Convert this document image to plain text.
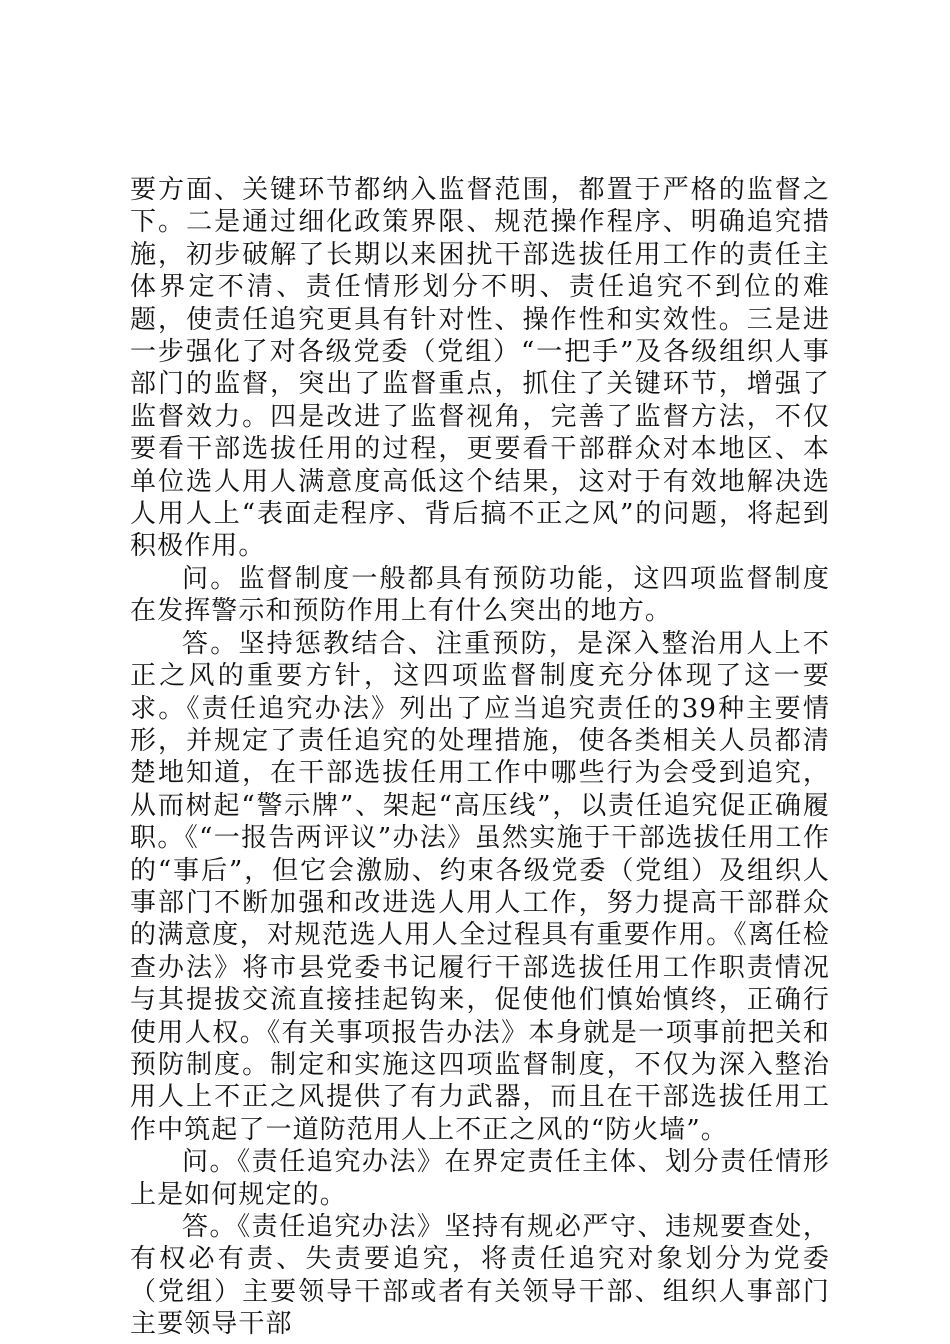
要方面、关键环节都纳入监督范围，都置于严格的监督之下。二是通过细化政策界限、规范操作程序、明确追究措施，初步破解了长期以来困扰干部选拔任用工作的责任主体界定不清、责任情形划分不明、责任追究不到位的难题，使责任追究更具有针对性、操作性和实效性。三是进一步强化了对各级党委（党组）“一把手”及各级组织人事部门的监督，突出了监督重点，抓住了关键环节，增强了监督效力。四是改进了监督视角，完善了监督方法，不仅要看干部选拔任用的过程，更要看干部群众对本地区、本单位选人用人满意度高低这个结果，这对于有效地解决选人用人上“表面走程序、背后搞不正之风”的问题，将起到积极作用。

问。监督制度一般都具有预防功能，这四项监督制度在发挥警示和预防作用上有什么突出的地方。

答。坚持惩教结合、注重预防，是深入整治用人上不正之风的重要方针，这四项监督制度充分体现了这一要求。《责任追究办法》列出了应当追究责任的39种主要情形，并规定了责任追究的处理措施，使各类相关人员都清楚地知道，在干部选拔任用工作中哪些行为会受到追究，从而树起“警示牌”、架起“高压线”，以责任追究促正确履职。《“一报告两评议”办法》虽然实施于干部选拔任用工作的“事后”，但它会激励、约束各级党委（党组）及组织人事部门不断加强和改进选人用人工作，努力提高干部群众的满意度，对规范选人用人全过程具有重要作用。《离任检查办法》将市县党委书记履行干部选拔任用工作职责情况与其提拔交流直接挂起钩来，促使他们慎始慎终，正确行使用人权。《有关事项报告办法》本身就是一项事前把关和预防制度。制定和实施这四项监督制度，不仅为深入整治用人上不正之风提供了有力武器，而且在干部选拔任用工作中筑起了一道防范用人上不正之风的“防火墙”。

问。《责任追究办法》在界定责任主体、划分责任情形上是如何规定的。

答。《责任追究办法》坚持有规必严守、违规要查处，有权必有责、失责要追究，将责任追究对象划分为党委（党组）主要领导干部或者有关领导干部、组织人事部门主要领导干部
